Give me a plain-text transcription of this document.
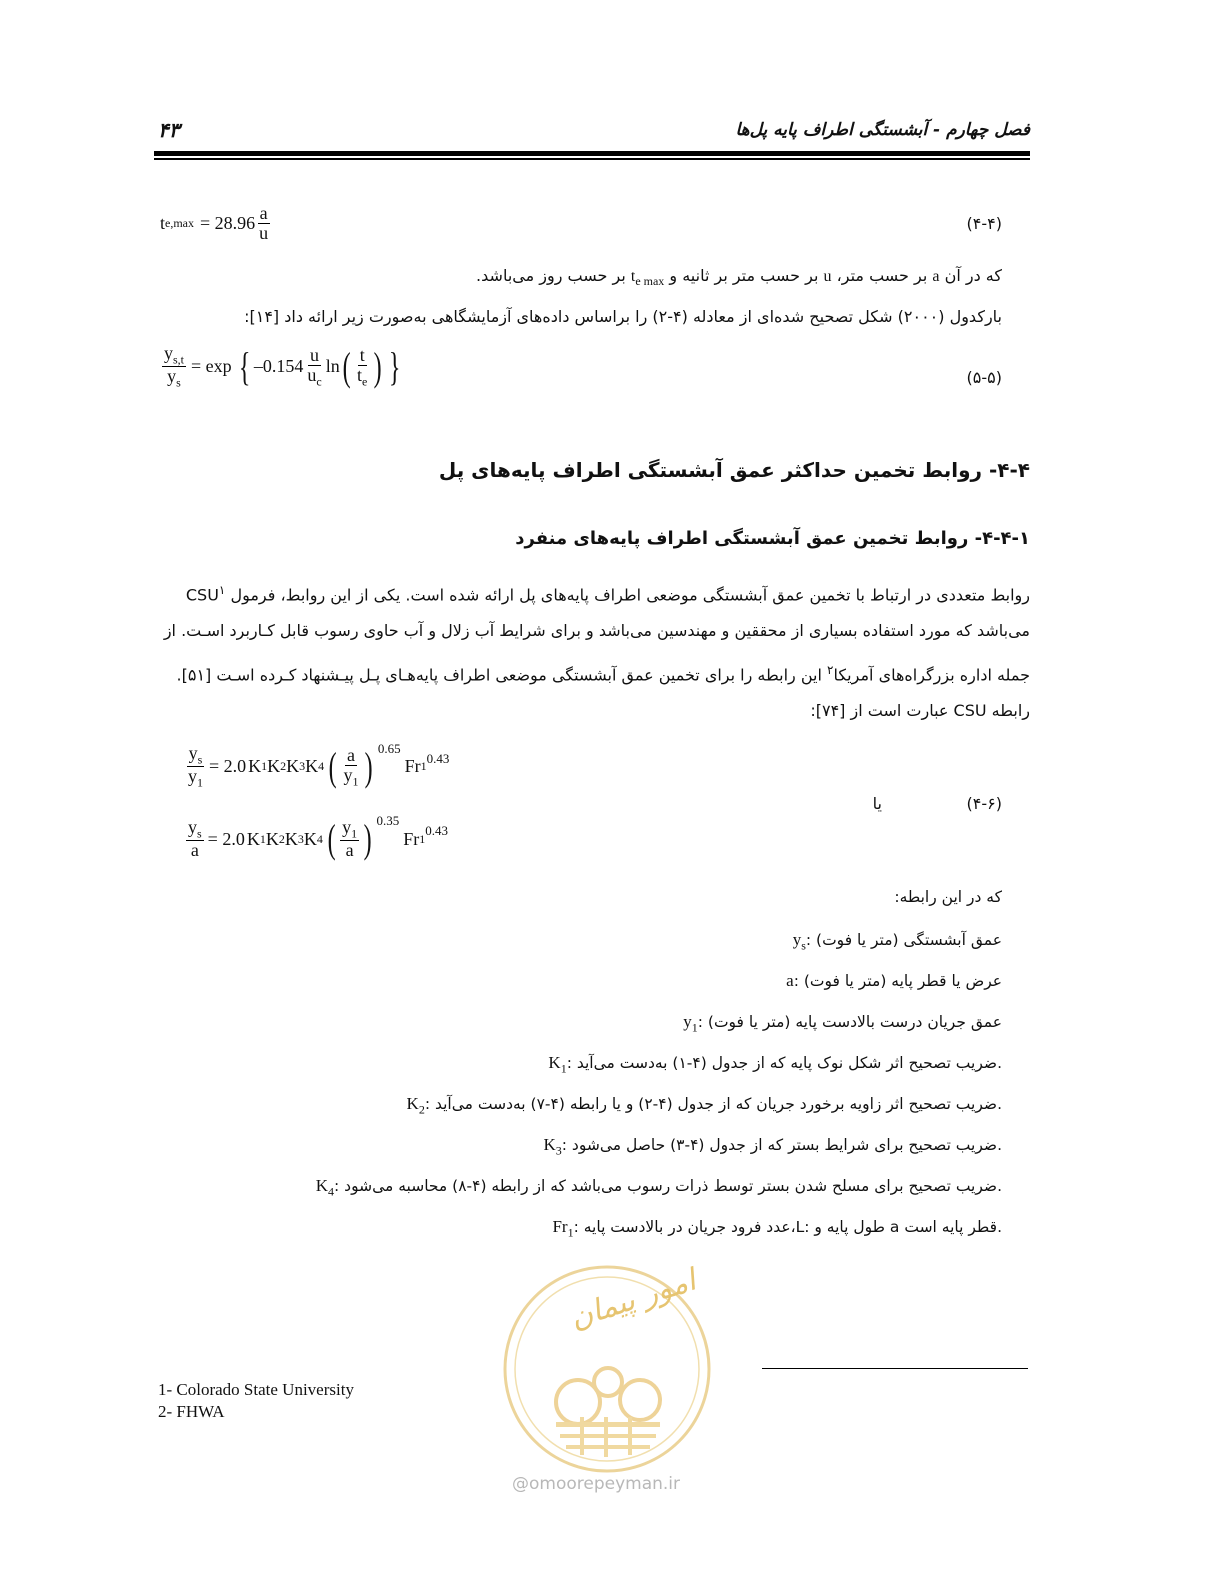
فصل چهارم - آبشستگی اطراف پایه پل‌ها
۴۳
t $e,\max = 28.96 \frac{a}{u}$	(۴-۴)
که در آن a بر حسب متر، u بر حسب متر بر ثانیه و $t_{e max}$ بر حسب روز می‌باشد.
بارکدول (۲۰۰۰) شکل تصحیح شده‌ای از معادله (۴-۲) را براساس داده‌های آزمایشگاهی به‌صورت زیر ارائه داد [۱۴]:
$\frac{y_{s,t}}{y_s} = \exp$ { $-0.154 \frac{u}{u_c}$ ln ( $\frac{t}{t_e}$ ) }	(۵-۵)
۴-۴- روابط تخمین حداکثر عمق آبشستگی اطراف پایه‌های پل
۴-۴-۱- روابط تخمین عمق آبشستگی اطراف پایه‌های منفرد
روابط متعددی در ارتباط با تخمین عمق آبشستگی موضعی اطراف پایه‌های پل ارائه شده است. یکی از این روابط، فرمول CSU$^۱$
می‌باشد که مورد استفاده بسیاری از محققین و مهندسین می‌باشد و برای شرایط آب زلال و آب حاوی رسوب قابل کـاربرد اسـت. از
جمله اداره بزرگراه‌های آمریکا$^۲$ این رابطه را برای تخمین عمق آبشستگی موضعی اطراف پایه‌هـای پـل پیـشنهاد کـرده اسـت [۵۱].
رابطه CSU عبارت است از [۷۴]:
$\frac{y_s}{y_1} = 2.0$ K 1 K 2 K 3 K 4 ( $\frac{a}{y_1}$ ) 0.65
Fr 1
0.43
$\frac{y_s}{a} = 2.0$ K 1 K 2 K 3 K 4 ( $\frac{y_1}{a}$ ) 0.35
Fr 1
0.43
یا	(۴-۶)
که در این رابطه:
$y_s$: عمق آبشستگی (متر یا فوت)
a: عرض یا قطر پایه (متر یا فوت)
$y_1$: عمق جریان درست بالادست پایه (متر یا فوت)
$K_1$: ضریب تصحیح اثر شکل نوک پایه که از جدول (۴-۱) به‌دست می‌آید.
$K_2$: ضریب تصحیح اثر زاویه برخورد جریان که از جدول (۴-۲) و یا رابطه (۴-۷) به‌دست می‌آید.
$K_3$: ضریب تصحیح برای شرایط بستر که از جدول (۴-۳) حاصل می‌شود.
$K_4$: ضریب تصحیح برای مسلح شدن بستر توسط ذرات رسوب می‌باشد که از رابطه (۴-۸) محاسبه می‌شود.
$Fr_1$: عدد فرود جریان در بالادست پایه،L: طول پایه و a قطر پایه است.
امور پیمان
@omoorepeyman.ir
1- Colorado State University
2- FHWA
